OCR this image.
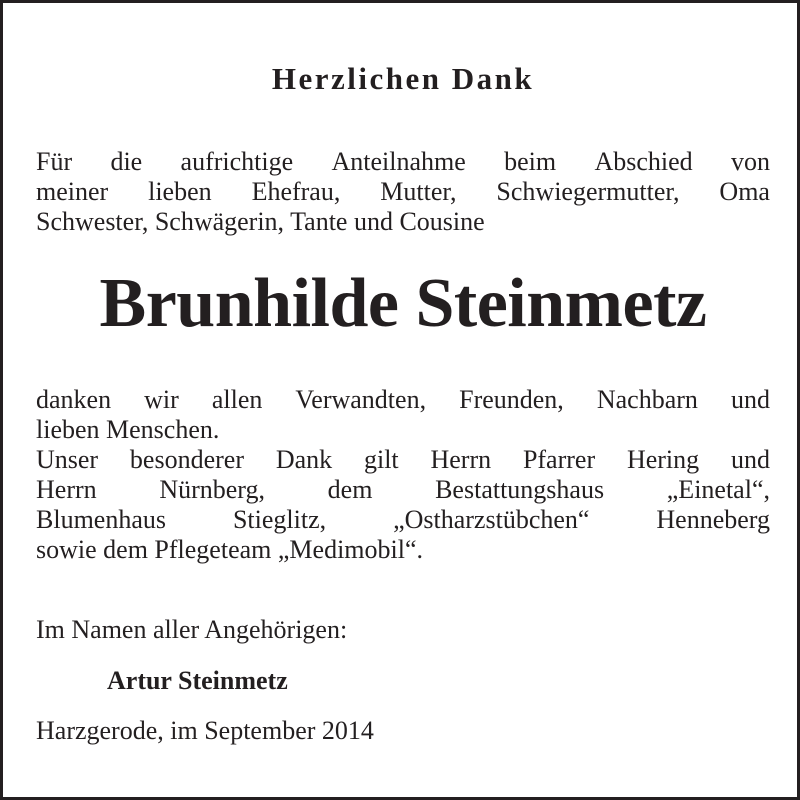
Herzlichen Dank
Für die aufrichtige Anteilnahme beim Abschied von
meiner lieben Ehefrau, Mutter, Schwiegermutter, Oma
Schwester, Schwägerin, Tante und Cousine
Brunhilde Steinmetz
danken wir allen Verwandten, Freunden, Nachbarn und
lieben Menschen.
Unser besonderer Dank gilt Herrn Pfarrer Hering und
Herrn Nürnberg, dem Bestattungshaus „Einetal“,
Blumenhaus	Stieglitz,	„Ostharzstübchen“	Henneberg
sowie dem Pflegeteam „Medimobil“.
Im Namen aller Angehörigen:
Artur Steinmetz
Harzgerode, im September 2014
